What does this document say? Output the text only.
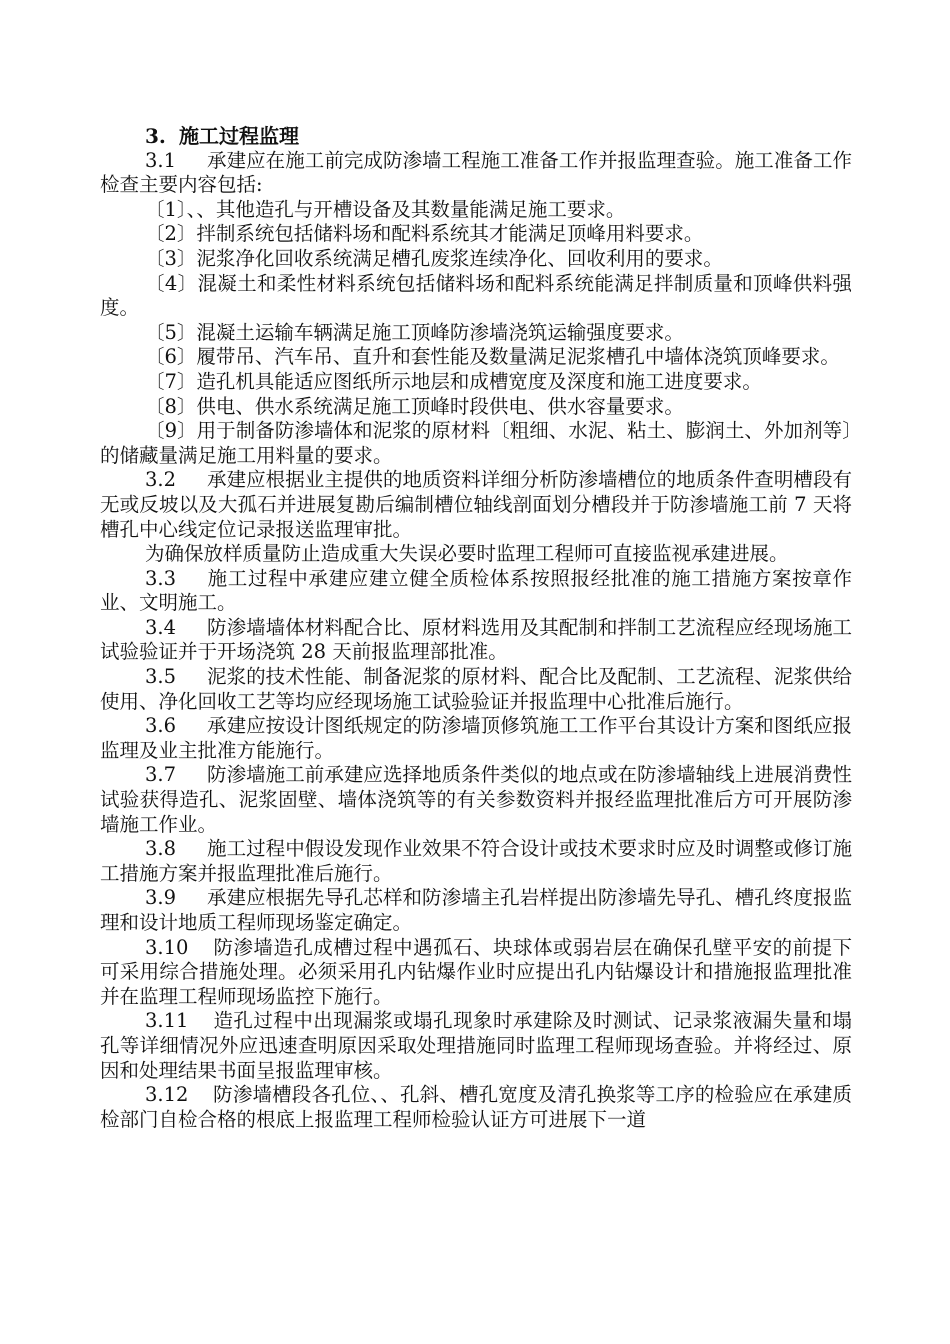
3. 施工过程监理

3.1 承建应在施工前完成防渗墙工程施工准备工作并报监理查验。施工准备工作检查主要内容包括:

〔1〕、、其他造孔与开槽设备及其数量能满足施工要求。

〔2〕拌制系统包括储料场和配料系统其才能满足顶峰用料要求。

〔3〕泥浆净化回收系统满足槽孔废浆连续净化、回收利用的要求。

〔4〕混凝土和柔性材料系统包括储料场和配料系统能满足拌制质量和顶峰供料强度。

〔5〕混凝土运输车辆满足施工顶峰防渗墙浇筑运输强度要求。

〔6〕履带吊、汽车吊、直升和套性能及数量满足泥浆槽孔中墙体浇筑顶峰要求。

〔7〕造孔机具能适应图纸所示地层和成槽宽度及深度和施工进度要求。

〔8〕供电、供水系统满足施工顶峰时段供电、供水容量要求。

〔9〕用于制备防渗墙体和泥浆的原材料〔粗细、水泥、粘土、膨润土、外加剂等〕的储藏量满足施工用料量的要求。

3.2 承建应根据业主提供的地质资料详细分析防渗墙槽位的地质条件查明槽段有无或反坡以及大孤石并进展复勘后编制槽位轴线剖面划分槽段并于防渗墙施工前 7 天将槽孔中心线定位记录报送监理审批。

为确保放样质量防止造成重大失误必要时监理工程师可直接监视承建进展。

3.3 施工过程中承建应建立健全质检体系按照报经批准的施工措施方案按章作业、文明施工。

3.4 防渗墙墙体材料配合比、原材料选用及其配制和拌制工艺流程应经现场施工试验验证并于开场浇筑 28 天前报监理部批准。

3.5 泥浆的技术性能、制备泥浆的原材料、配合比及配制、工艺流程、泥浆供给使用、净化回收工艺等均应经现场施工试验验证并报监理中心批准后施行。

3.6 承建应按设计图纸规定的防渗墙顶修筑施工工作平台其设计方案和图纸应报监理及业主批准方能施行。

3.7 防渗墙施工前承建应选择地质条件类似的地点或在防渗墙轴线上进展消费性试验获得造孔、泥浆固壁、墙体浇筑等的有关参数资料并报经监理批准后方可开展防渗墙施工作业。

3.8 施工过程中假设发现作业效果不符合设计或技术要求时应及时调整或修订施工措施方案并报监理批准后施行。

3.9 承建应根据先导孔芯样和防渗墙主孔岩样提出防渗墙先导孔、槽孔终度报监理和设计地质工程师现场鉴定确定。

3.10 防渗墙造孔成槽过程中遇孤石、块球体或弱岩层在确保孔壁平安的前提下可采用综合措施处理。必须采用孔内钻爆作业时应提出孔内钻爆设计和措施报监理批准并在监理工程师现场监控下施行。

3.11 造孔过程中出现漏浆或塌孔现象时承建除及时测试、记录浆液漏失量和塌孔等详细情况外应迅速查明原因采取处理措施同时监理工程师现场查验。并将经过、原因和处理结果书面呈报监理审核。

3.12 防渗墙槽段各孔位、、孔斜、槽孔宽度及清孔换浆等工序的检验应在承建质检部门自检合格的根底上报监理工程师检验认证方可进展下一道
